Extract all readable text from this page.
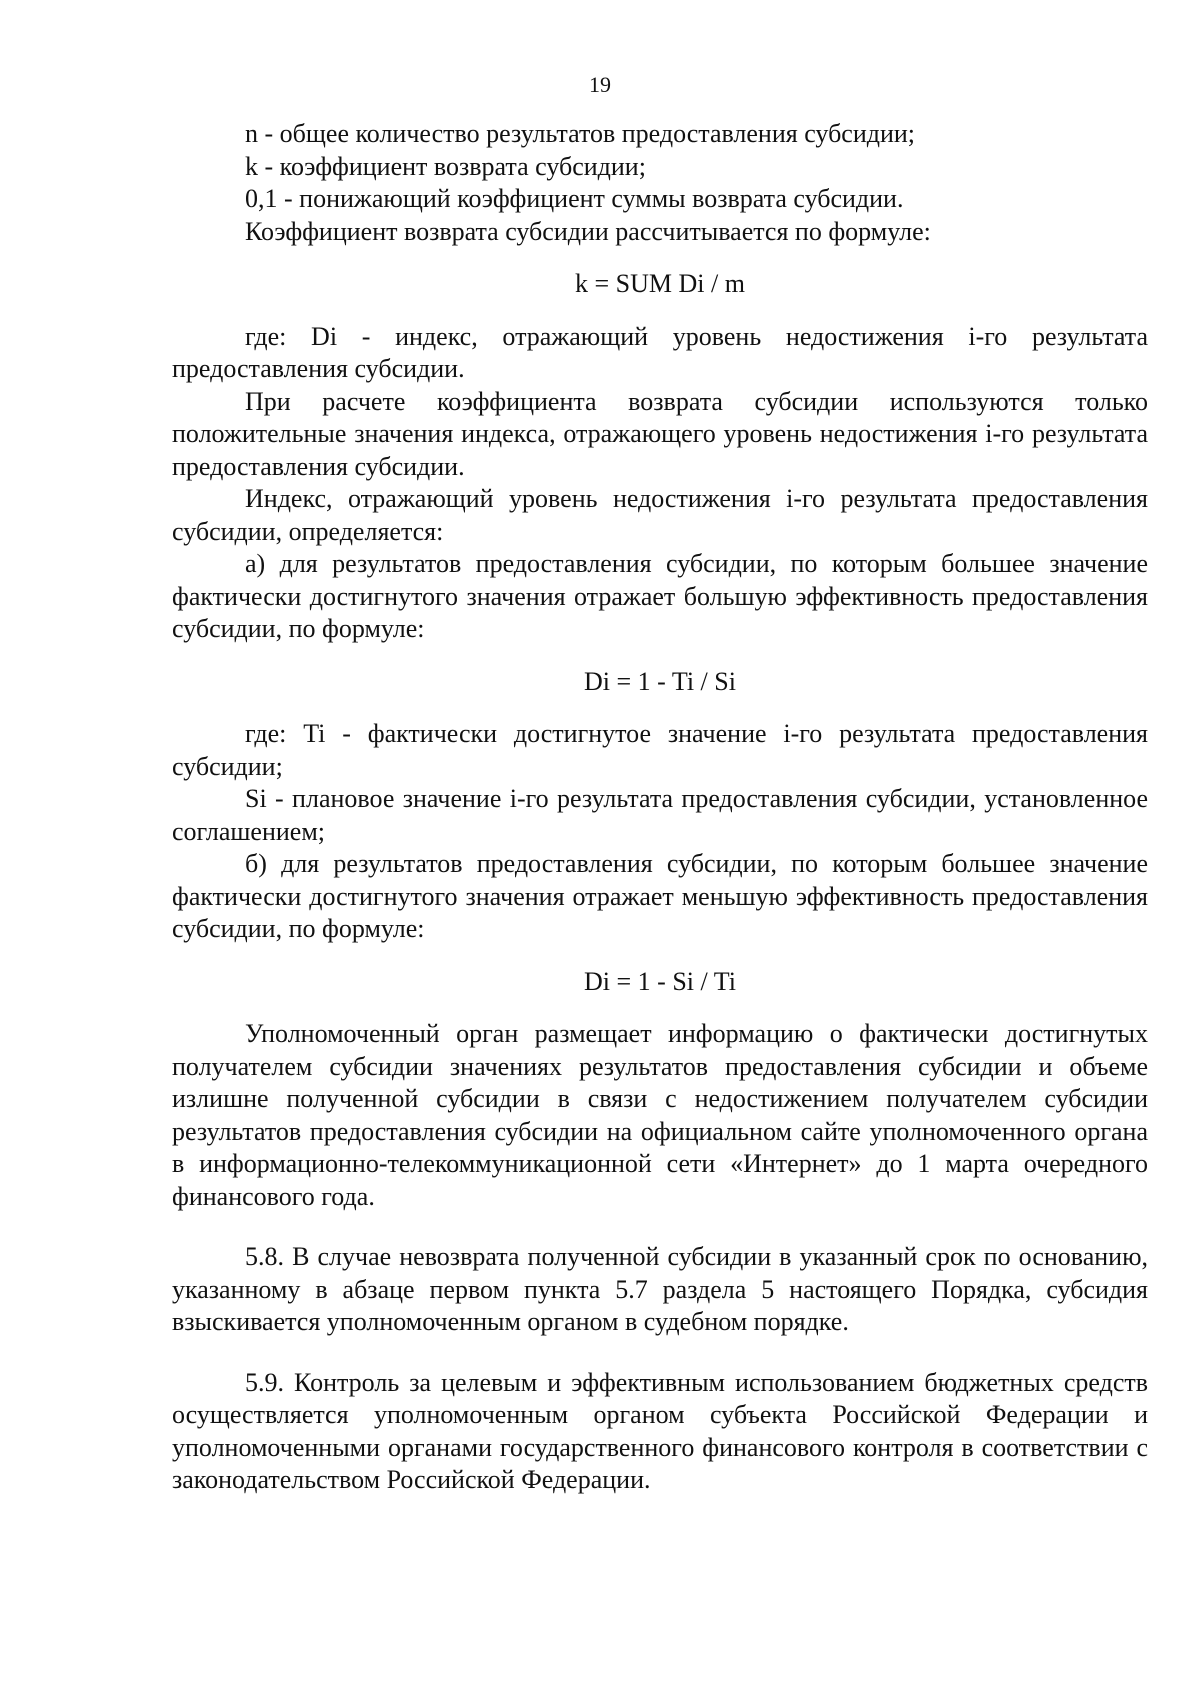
19

n - общее количество результатов предоставления субсидии;

k - коэффициент возврата субсидии;

0,1 - понижающий коэффициент суммы возврата субсидии.

Коэффициент возврата субсидии рассчитывается по формуле:

k = SUM Di / m

где: Di - индекс, отражающий уровень недостижения i-го результата предоставления субсидии.

При расчете коэффициента возврата субсидии используются только положительные значения индекса, отражающего уровень недостижения i-го результата предоставления субсидии.

Индекс, отражающий уровень недостижения i-го результата предоставления субсидии, определяется:

а) для результатов предоставления субсидии, по которым большее значение фактически достигнутого значения отражает большую эффективность предоставления субсидии, по формуле:

Di = 1 - Ti / Si

где: Ti - фактически достигнутое значение i-го результата предоставления субсидии;

Si - плановое значение i-го результата предоставления субсидии, установленное соглашением;

б) для результатов предоставления субсидии, по которым большее значение фактически достигнутого значения отражает меньшую эффективность предоставления субсидии, по формуле:

Di = 1 - Si / Ti

Уполномоченный орган размещает информацию о фактически достигнутых получателем субсидии значениях результатов предоставления субсидии и объеме излишне полученной субсидии в связи с недостижением получателем субсидии результатов предоставления субсидии на официальном сайте уполномоченного органа в информационно-телекоммуникационной сети «Интернет» до 1 марта очередного финансового года.

5.8. В случае невозврата полученной субсидии в указанный срок по основанию, указанному в абзаце первом пункта 5.7 раздела 5 настоящего Порядка, субсидия взыскивается уполномоченным органом в судебном порядке.

5.9. Контроль за целевым и эффективным использованием бюджетных средств осуществляется уполномоченным органом субъекта Российской Федерации и уполномоченными органами государственного финансового контроля в соответствии с законодательством Российской Федерации.
